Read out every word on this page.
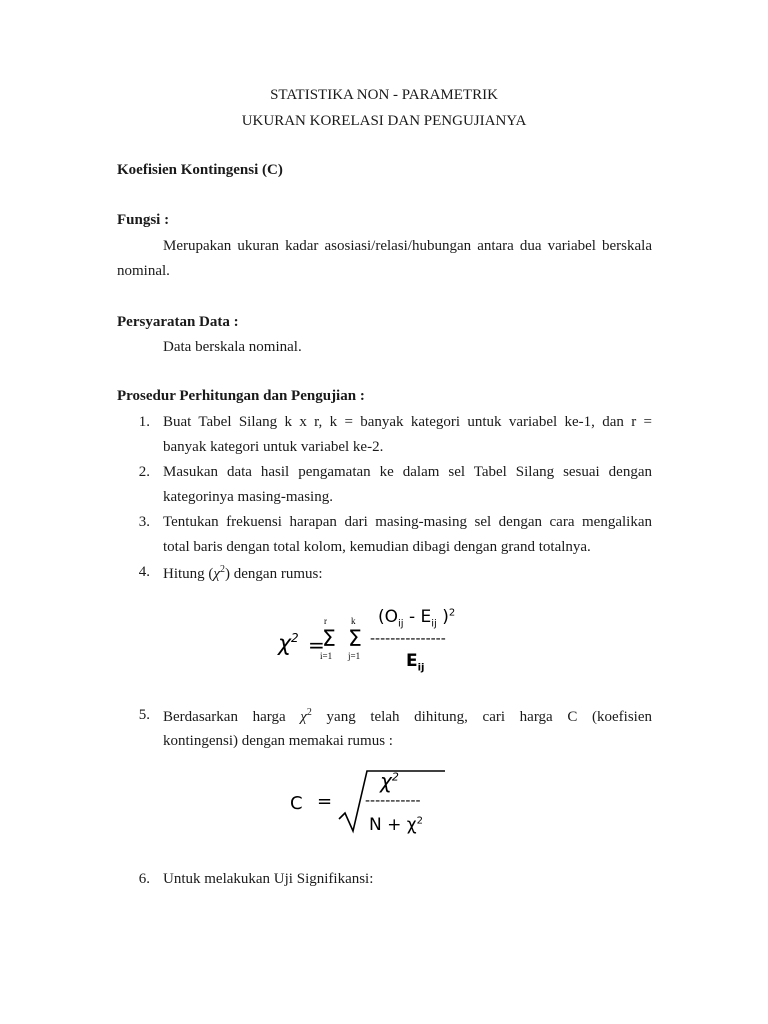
STATISTIKA NON - PARAMETRIK
UKURAN KORELASI DAN PENGUJIANYA
Koefisien Kontingensi (C)
Fungsi :
Merupakan ukuran kadar asosiasi/relasi/hubungan antara dua variabel berskala
nominal.
Persyaratan Data :
Data berskala nominal.
Prosedur Perhitungan dan Pengujian :
1. Buat Tabel Silang k x r, k = banyak kategori untuk variabel ke-1, dan r =
banyak kategori untuk variabel ke-2.
2. Masukan data hasil pengamatan ke dalam sel Tabel Silang sesuai dengan
kategorinya masing-masing.
3. Tentukan frekuensi harapan dari masing-masing sel dengan cara mengalikan
total baris dengan total kolom, kemudian dibagi dengan grand totalnya.
4. Hitung $(\chi^2)$ dengan rumus:
$\chi^2$ =
r
Σ
i=1
k
Σ
j=1
($O_{ij} - E_{ij}$ )$^2$
---------------
$E_{ij}$
5. Berdasarkan harga $\chi^2$ yang telah dihitung, cari harga C (koefisien
kontingensi) dengan memakai rumus :
C =
$\chi^2$
-----------
$N + \chi^2$
6. Untuk melakukan Uji Signifikansi:
